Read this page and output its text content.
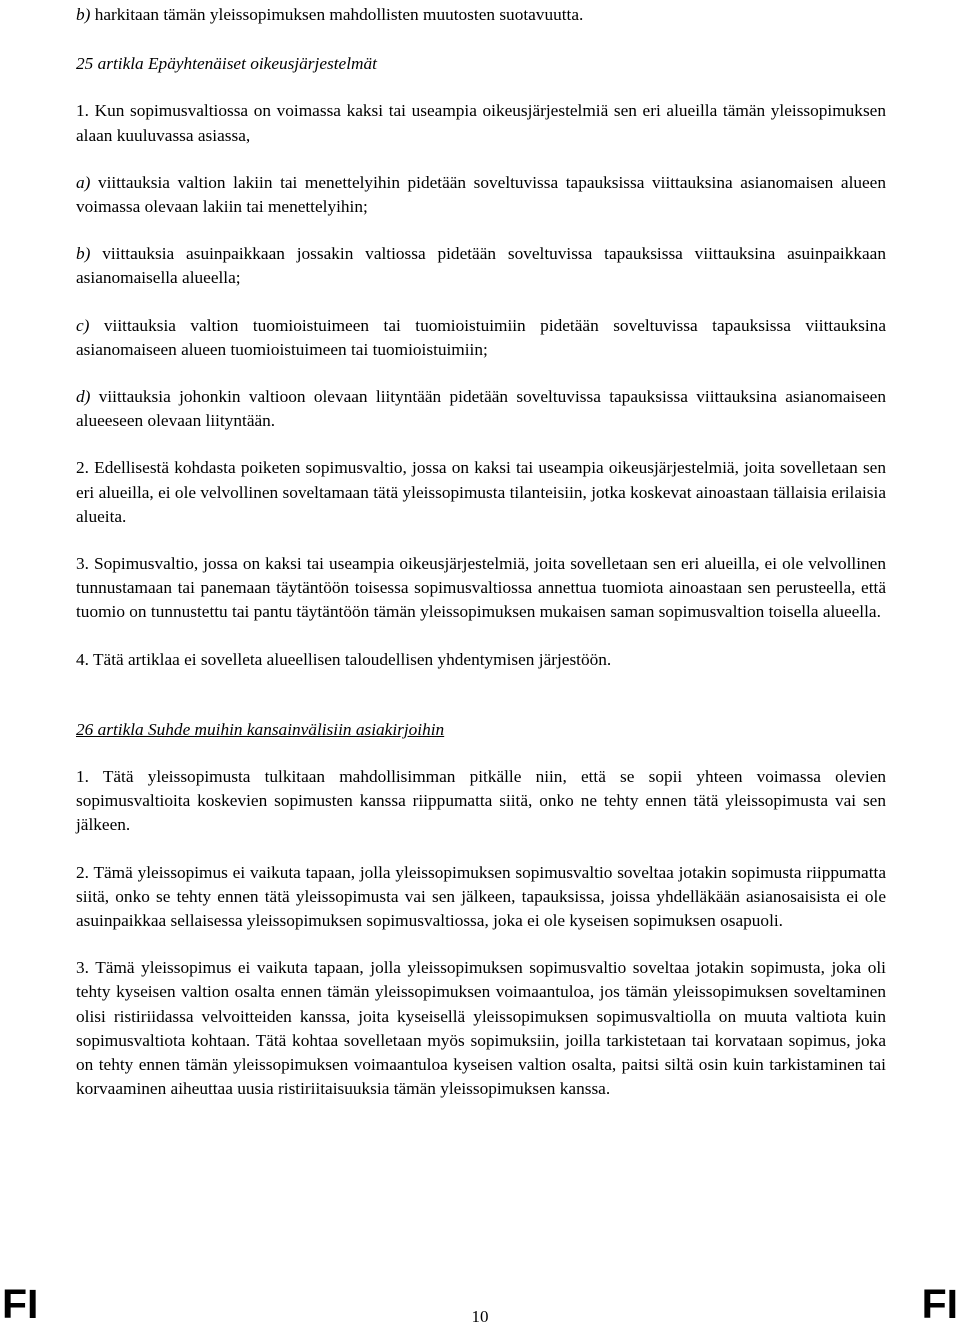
b) harkitaan tämän yleissopimuksen mahdollisten muutosten suotavuutta.

25 artikla Epäyhtenäiset oikeusjärjestelmät

1. Kun sopimusvaltiossa on voimassa kaksi tai useampia oikeusjärjestelmiä sen eri alueilla tämän yleissopimuksen alaan kuuluvassa asiassa,

a) viittauksia valtion lakiin tai menettelyihin pidetään soveltuvissa tapauksissa viittauksina asianomaisen alueen voimassa olevaan lakiin tai menettelyihin;

b) viittauksia asuinpaikkaan jossakin valtiossa pidetään soveltuvissa tapauksissa viittauksina asuinpaikkaan asianomaisella alueella;

c) viittauksia valtion tuomioistuimeen tai tuomioistuimiin pidetään soveltuvissa tapauksissa viittauksina asianomaiseen alueen tuomioistuimeen tai tuomioistuimiin;

d) viittauksia johonkin valtioon olevaan liityntään pidetään soveltuvissa tapauksissa viittauksina asianomaiseen alueeseen olevaan liityntään.

2. Edellisestä kohdasta poiketen sopimusvaltio, jossa on kaksi tai useampia oikeusjärjestelmiä, joita sovelletaan sen eri alueilla, ei ole velvollinen soveltamaan tätä yleissopimusta tilanteisiin, jotka koskevat ainoastaan tällaisia erilaisia alueita.

3. Sopimusvaltio, jossa on kaksi tai useampia oikeusjärjestelmiä, joita sovelletaan sen eri alueilla, ei ole velvollinen tunnustamaan tai panemaan täytäntöön toisessa sopimusvaltiossa annettua tuomiota ainoastaan sen perusteella, että tuomio on tunnustettu tai pantu täytäntöön tämän yleissopimuksen mukaisen saman sopimusvaltion toisella alueella.

4. Tätä artiklaa ei sovelleta alueellisen taloudellisen yhdentymisen järjestöön.

26 artikla Suhde muihin kansainvälisiin asiakirjoihin

1. Tätä yleissopimusta tulkitaan mahdollisimman pitkälle niin, että se sopii yhteen voimassa olevien sopimusvaltioita koskevien sopimusten kanssa riippumatta siitä, onko ne tehty ennen tätä yleissopimusta vai sen jälkeen.

2. Tämä yleissopimus ei vaikuta tapaan, jolla yleissopimuksen sopimusvaltio soveltaa jotakin sopimusta riippumatta siitä, onko se tehty ennen tätä yleissopimusta vai sen jälkeen, tapauksissa, joissa yhdelläkään asianosaisista ei ole asuinpaikkaa sellaisessa yleissopimuksen sopimusvaltiossa, joka ei ole kyseisen sopimuksen osapuoli.

3. Tämä yleissopimus ei vaikuta tapaan, jolla yleissopimuksen sopimusvaltio soveltaa jotakin sopimusta, joka oli tehty kyseisen valtion osalta ennen tämän yleissopimuksen voimaantuloa, jos tämän yleissopimuksen soveltaminen olisi ristiriidassa velvoitteiden kanssa, joita kyseisellä yleissopimuksen sopimusvaltiolla on muuta valtiota kuin sopimusvaltiota kohtaan. Tätä kohtaa sovelletaan myös sopimuksiin, joilla tarkistetaan tai korvataan sopimus, joka on tehty ennen tämän yleissopimuksen voimaantuloa kyseisen valtion osalta, paitsi siltä osin kuin tarkistaminen tai korvaaminen aiheuttaa uusia ristiriitaisuuksia tämän yleissopimuksen kanssa.

FI	10	FI
